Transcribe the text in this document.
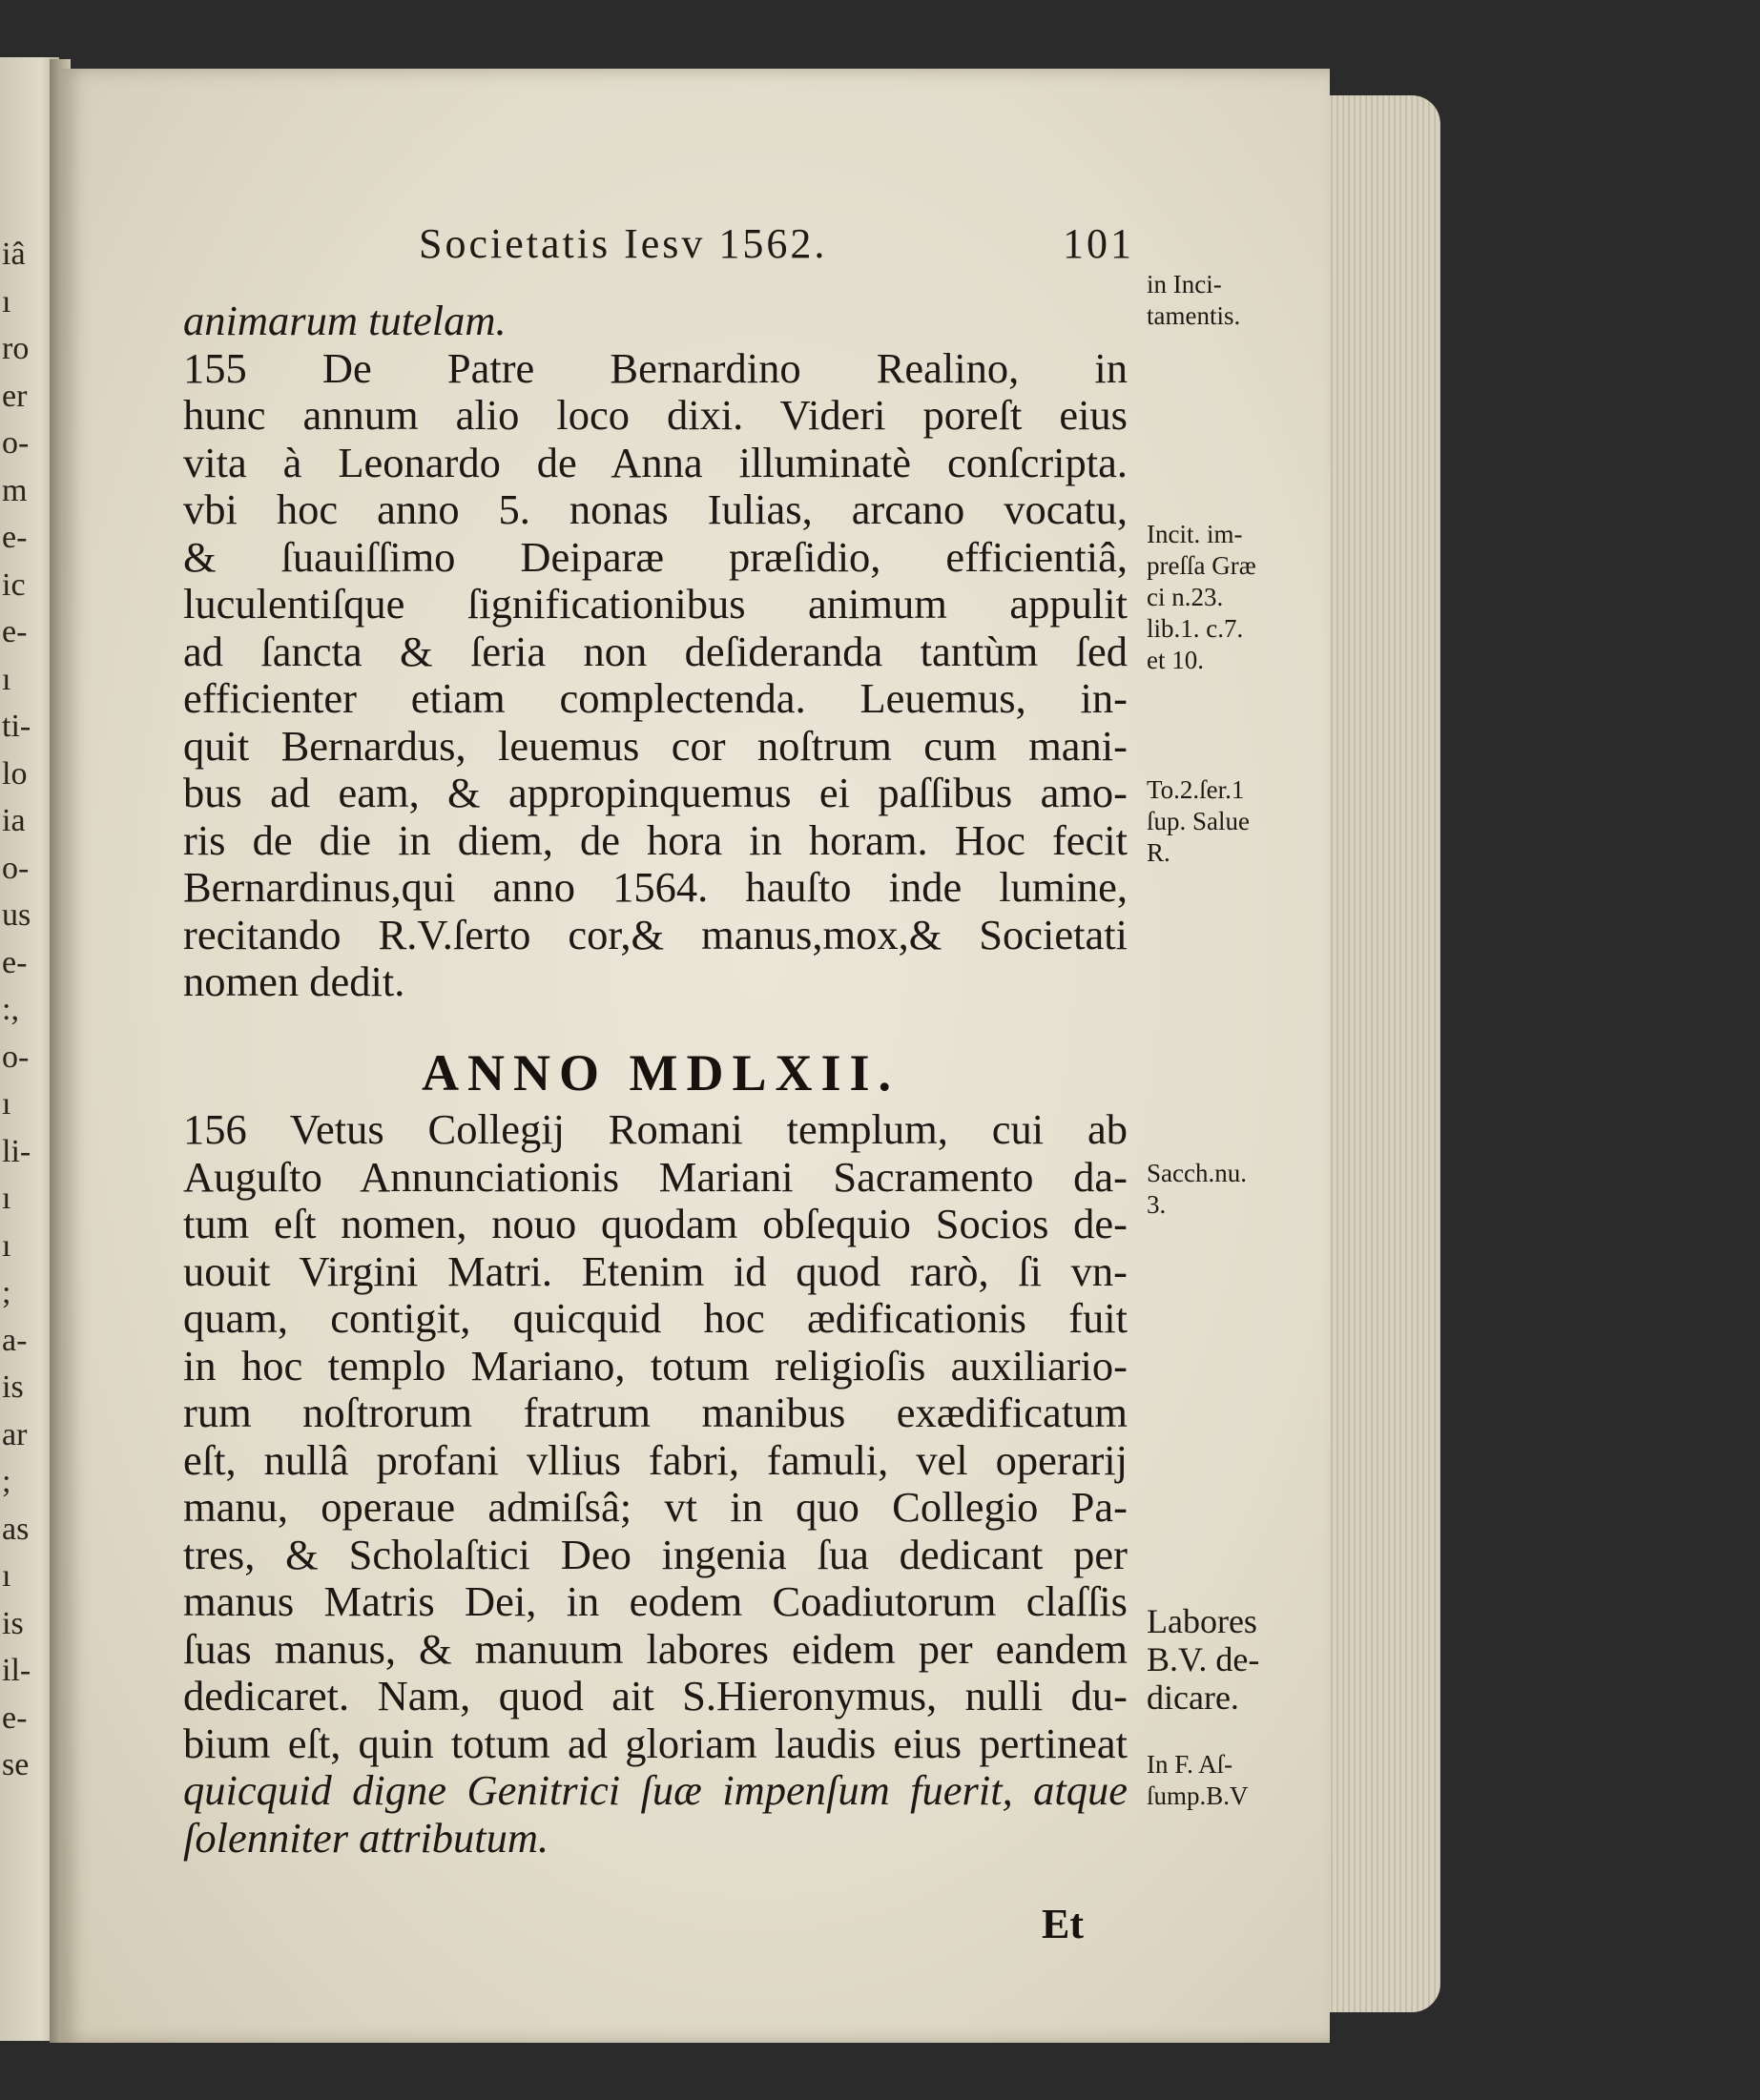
iâ
ı
ro
er
o-
m
e-
ic
e-
ı
ti-
lo
ia
o-
us
e-
:,
o-
ı
li-
ı
ı
;
a-
is
ar
;
as
ı
is
il-
e-
se
Societatis Iesv 1562.	101
animarum tutelam.
155 De Patre Bernardino Realino, in
hunc annum alio loco dixi. Videri poreſt eius
vita à Leonardo de Anna illuminatè conſcripta.
vbi hoc anno 5. nonas Iulias, arcano vocatu,
& ſuauiſſimo Deiparæ præſidio, efficientiâ,
luculentiſque ſignificationibus animum appulit
ad ſancta & ſeria non deſideranda tantùm ſed
efficienter etiam complectenda. Leuemus, in-
quit Bernardus, leuemus cor noſtrum cum mani-
bus ad eam, & appropinquemus ei paſſibus amo-
ris de die in diem, de hora in horam. Hoc fecit
Bernardinus,qui anno 1564. hauſto inde lumine,
recitando R.V.ſerto cor,& manus,mox,& Societati
nomen dedit.
ANNO MDLXII.
156 Vetus Collegij Romani templum, cui ab
Auguſto Annunciationis Mariani Sacramento da-
tum eſt nomen, nouo quodam obſequio Socios de-
uouit Virgini Matri. Etenim id quod rarò, ſi vn-
quam, contigit, quicquid hoc ædificationis fuit
in hoc templo Mariano, totum religioſis auxiliario-
rum noſtrorum fratrum manibus exædificatum
eſt, nullâ profani vllius fabri, famuli, vel operarij
manu, operaue admiſsâ; vt in quo Collegio Pa-
tres, & Scholaſtici Deo ingenia ſua dedicant per
manus Matris Dei, in eodem Coadiutorum claſſis
ſuas manus, & manuum labores eidem per eandem
dedicaret. Nam, quod ait S.Hieronymus, nulli du-
bium eſt, quin totum ad gloriam laudis eius pertineat
quicquid digne Genitrici ſuæ impenſum fuerit, atque
ſolenniter attributum.
Et
in Inci-
tamentis.
Incit. im-
preſſa Græ
ci n.23.
lib.1. c.7.
et 10.
To.2.ſer.1
ſup. Salue
R.
Sacch.nu.
3.
Labores
B.V. de-
dicare.
In F. Aſ-
ſump.B.V
